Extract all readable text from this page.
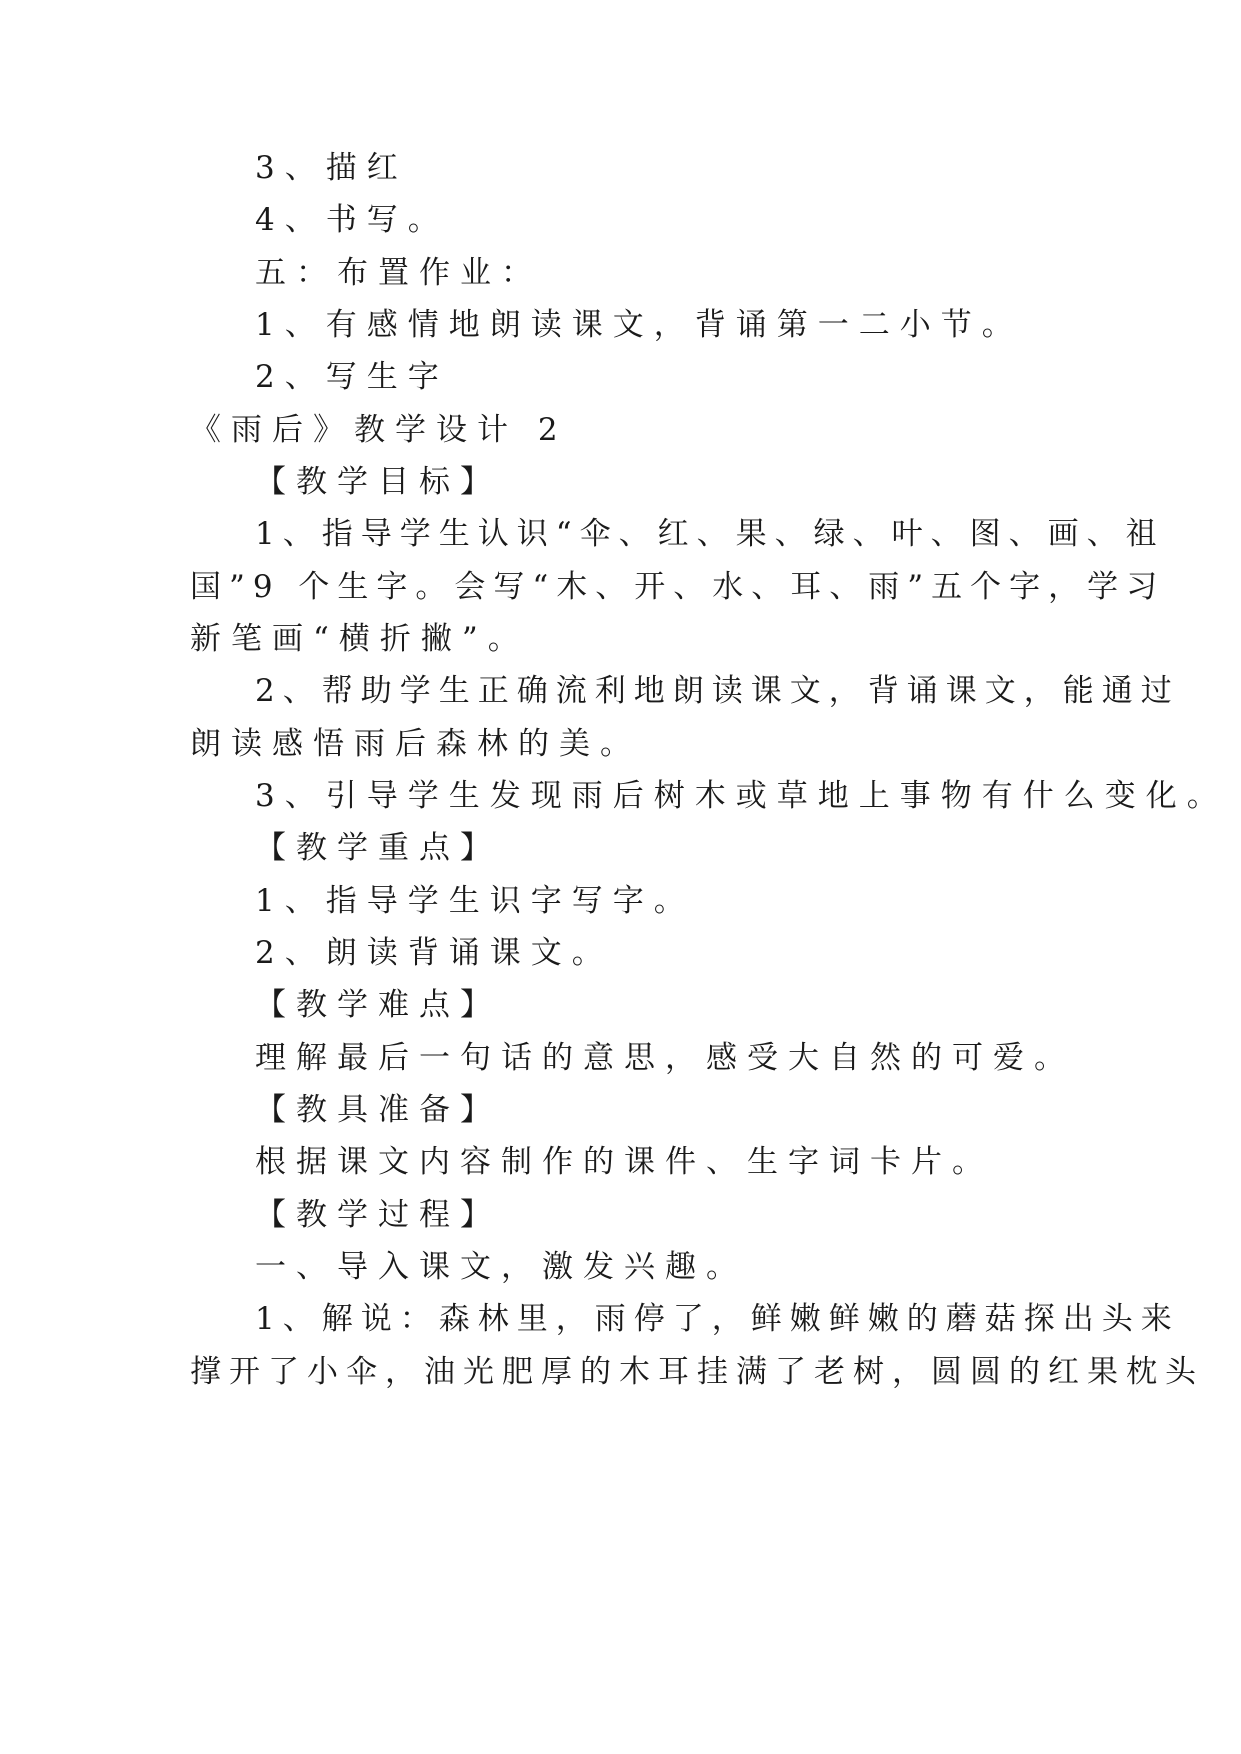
3、描红
4、书写。
五：布置作业：
1、有感情地朗读课文，背诵第一二小节。
2、写生字
《雨后》教学设计 2
【教学目标】
1、指导学生认识“伞、红、果、绿、叶、图、画、祖
国”9 个生字。会写“木、开、水、耳、雨”五个字，学习
新笔画“横折撇”。
2、帮助学生正确流利地朗读课文，背诵课文，能通过
朗读感悟雨后森林的美。
3、引导学生发现雨后树木或草地上事物有什么变化。
【教学重点】
1、指导学生识字写字。
2、朗读背诵课文。
【教学难点】
理解最后一句话的意思，感受大自然的可爱。
【教具准备】
根据课文内容制作的课件、生字词卡片。
【教学过程】
一、导入课文，激发兴趣。
1、解说：森林里，雨停了，鲜嫩鲜嫩的蘑菇探出头来
撑开了小伞，油光肥厚的木耳挂满了老树，圆圆的红果枕头
